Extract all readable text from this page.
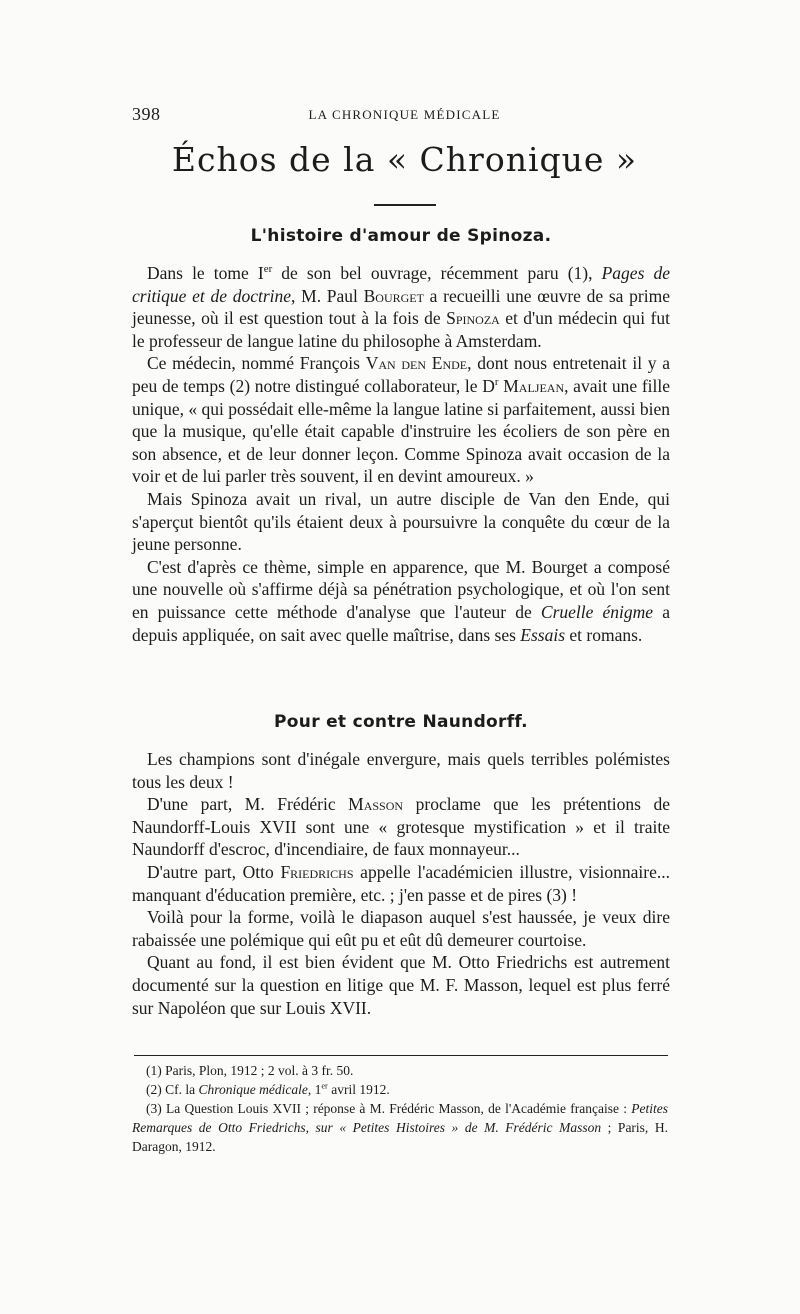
398	LA CHRONIQUE MÉDICALE
Échos de la « Chronique »
L'histoire d'amour de Spinoza.

Dans le tome Ier de son bel ouvrage, récemment paru (1), Pages de critique et de doctrine, M. Paul Bourget a recueilli une œuvre de sa prime jeunesse, où il est question tout à la fois de Spinoza et d'un médecin qui fut le professeur de langue latine du philosophe à Amsterdam.

Ce médecin, nommé François Van den Ende, dont nous entretenait il y a peu de temps (2) notre distingué collaborateur, le $D^r$ Maljean, avait une fille unique, « qui possédait elle-même la langue latine si parfaitement, aussi bien que la musique, qu'elle était capable d'instruire les écoliers de son père en son absence, et de leur donner leçon. Comme Spinoza avait occasion de la voir et de lui parler très souvent, il en devint amoureux. »

Mais Spinoza avait un rival, un autre disciple de Van den Ende, qui s'aperçut bientôt qu'ils étaient deux à poursuivre la conquête du cœur de la jeune personne.

C'est d'après ce thème, simple en apparence, que M. Bourget a composé une nouvelle où s'affirme déjà sa pénétration psychologique, et où l'on sent en puissance cette méthode d'analyse que l'auteur de Cruelle énigme a depuis appliquée, on sait avec quelle maîtrise, dans ses Essais et romans.

Pour et contre Naundorff.

Les champions sont d'inégale envergure, mais quels terribles polémistes tous les deux !

D'une part, M. Frédéric Masson proclame que les prétentions de Naundorff-Louis XVII sont une « grotesque mystification » et il traite Naundorff d'escroc, d'incendiaire, de faux monnayeur...

D'autre part, Otto Friedrichs appelle l'académicien illustre, visionnaire... manquant d'éducation première, etc. ; j'en passe et de pires (3) !

Voilà pour la forme, voilà le diapason auquel s'est haussée, je veux dire rabaissée une polémique qui eût pu et eût dû demeurer courtoise.

Quant au fond, il est bien évident que M. Otto Friedrichs est autrement documenté sur la question en litige que M. F. Masson, lequel est plus ferré sur Napoléon que sur Louis XVII.

(1) Paris, Plon, 1912 ; 2 vol. à 3 fr. 50.

(2) Cf. la Chronique médicale, 1er avril 1912.

(3) La Question Louis XVII ; réponse à M. Frédéric Masson, de l'Académie française : Petites Remarques de Otto Friedrichs, sur « Petites Histoires » de M. Frédéric Masson ; Paris, H. Daragon, 1912.
